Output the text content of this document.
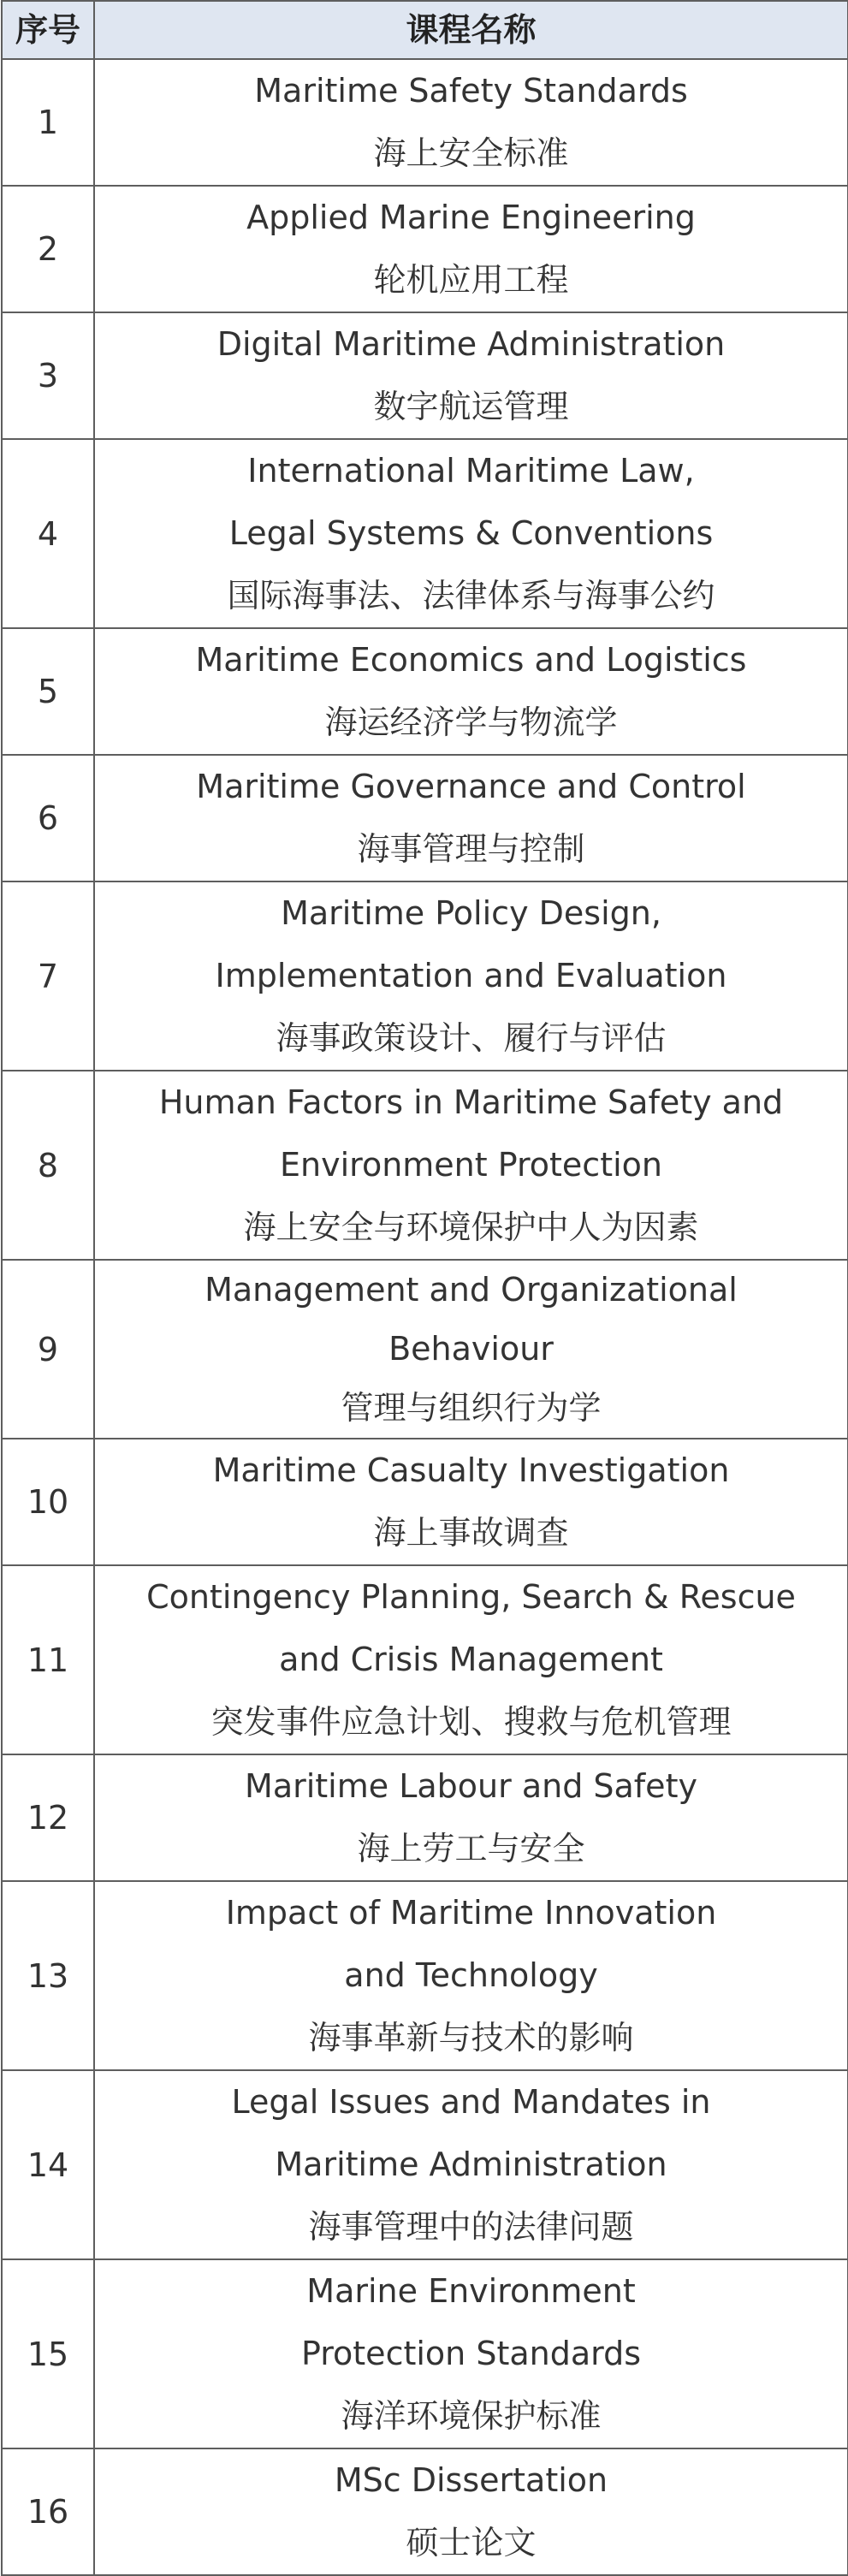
序号	课程名称
1	Maritime Safety Standards
海上安全标准

2	Applied Marine Engineering
轮机应用工程

3	Digital Maritime Administration
数字航运管理

4	International Maritime Law,
Legal Systems & Conventions
国际海事法、法律体系与海事公约

5	Maritime Economics and Logistics
海运经济学与物流学

6	Maritime Governance and Control
海事管理与控制

7	Maritime Policy Design,
Implementation and Evaluation
海事政策设计、履行与评估

8	Human Factors in Maritime Safety and
Environment Protection
海上安全与环境保护中人为因素

9	Management and Organizational
Behaviour
管理与组织行为学

10	Maritime Casualty Investigation
海上事故调查

11	Contingency Planning, Search & Rescue
and Crisis Management
突发事件应急计划、搜救与危机管理

12	Maritime Labour and Safety
海上劳工与安全

13	Impact of Maritime Innovation
and Technology
海事革新与技术的影响

14	Legal Issues and Mandates in
Maritime Administration
海事管理中的法律问题

15	Marine Environment
Protection Standards
海洋环境保护标准

16	MSc Dissertation
硕士论文
